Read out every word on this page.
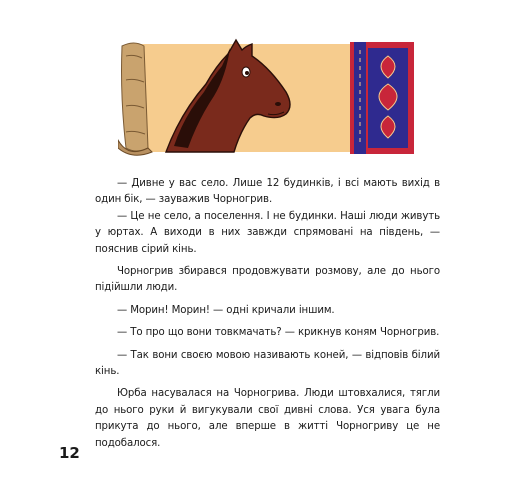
— Дивне у вас село. Лише 12 будинків, і всі мають вихід в один бік, — зауважив Чорногрив.

— Це не село, а поселення. І не будинки. Наші люди живуть у юртах. А виходи в них завжди спрямовані на південь, — пояснив сірий кінь.

Чорногрив збирався продовжувати розмову, але до нього підійшли люди.

— Морин! Морин! — одні кричали іншим.

— То про що вони товкмачать? — крикнув коням Чорногрив.

— Так вони своєю мовою називають коней, — відповів білий кінь.

Юрба насувалася на Чорногрива. Люди штовхалися, тягли до нього руки й вигукували свої дивні слова. Уся увага була прикута до нього, але вперше в житті Чорногриву це не подобалося.

12
